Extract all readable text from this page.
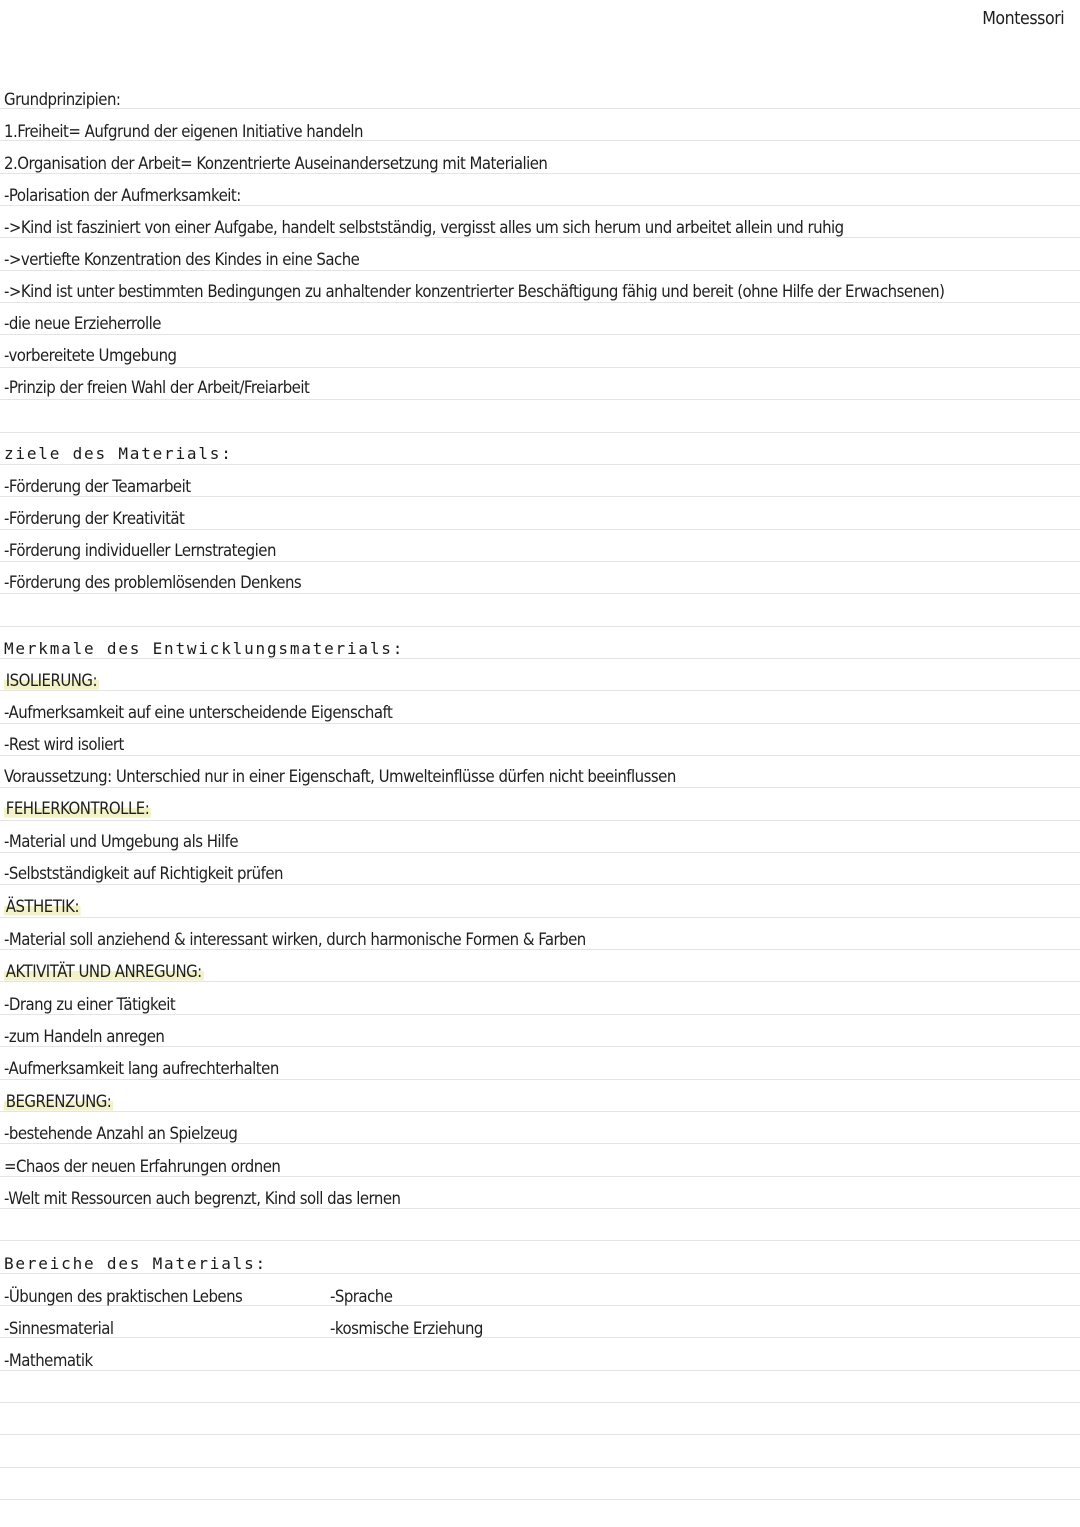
Montessori
Grundprinzipien:
1.Freiheit= Aufgrund der eigenen Initiative handeln
2.Organisation der Arbeit= Konzentrierte Auseinandersetzung mit Materialien
-Polarisation der Aufmerksamkeit:
->Kind ist fasziniert von einer Aufgabe, handelt selbstständig, vergisst alles um sich herum und arbeitet allein und ruhig
->vertiefte Konzentration des Kindes in eine Sache
->Kind ist unter bestimmten Bedingungen zu anhaltender konzentrierter Beschäftigung fähig und bereit (ohne Hilfe der Erwachsenen)
-die neue Erzieherrolle
-vorbereitete Umgebung
-Prinzip der freien Wahl der Arbeit/Freiarbeit
ziele des Materials:
-Förderung der Teamarbeit
-Förderung der Kreativität
-Förderung individueller Lernstrategien
-Förderung des problemlösenden Denkens
Merkmale des Entwicklungsmaterials:
ISOLIERUNG:
-Aufmerksamkeit auf eine unterscheidende Eigenschaft
-Rest wird isoliert
Voraussetzung: Unterschied nur in einer Eigenschaft, Umwelteinflüsse dürfen nicht beeinflussen
FEHLERKONTROLLE:
-Material und Umgebung als Hilfe
-Selbstständigkeit auf Richtigkeit prüfen
ÄSTHETIK:
-Material soll anziehend & interessant wirken, durch harmonische Formen & Farben
AKTIVITÄT UND ANREGUNG:
-Drang zu einer Tätigkeit
-zum Handeln anregen
-Aufmerksamkeit lang aufrechterhalten
BEGRENZUNG:
-bestehende Anzahl an Spielzeug
=Chaos der neuen Erfahrungen ordnen
-Welt mit Ressourcen auch begrenzt, Kind soll das lernen
Bereiche des Materials:
-Übungen des praktischen Lebens
-Sinnesmaterial
-Mathematik
-Sprache
-kosmische Erziehung
